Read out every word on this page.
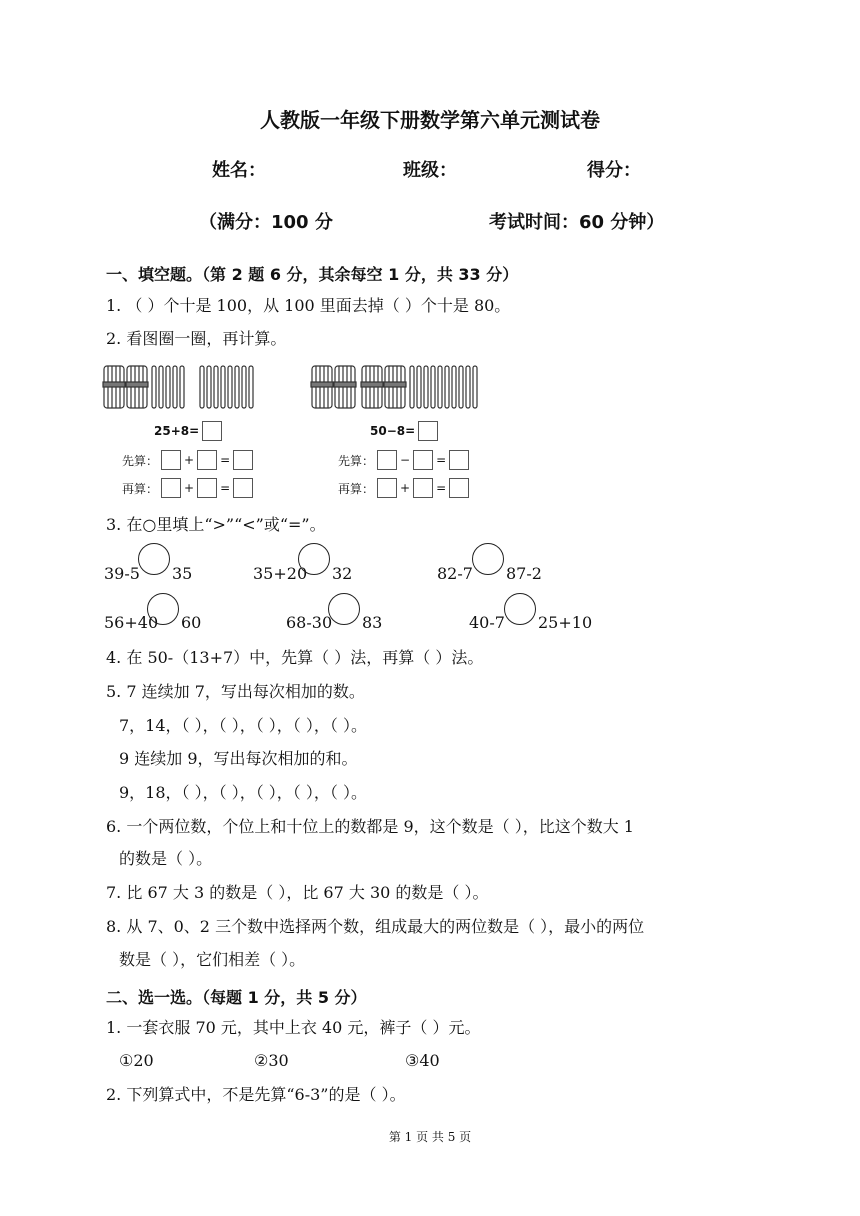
人教版一年级下册数学第六单元测试卷
姓名：	班级：	得分：
（满分：100 分	考试时间：60 分钟）
一、填空题。（第 2 题 6 分，其余每空 1 分，共 33 分）
1. （ ）个十是 100，从 100 里面去掉（ ）个十是 80。
2. 看图圈一圈，再计算。
25+8=
先算： + =
再算： + =
50−8=
先算： − =
再算： + =
3. 在○里填上“>”“<”或“=”。
39-5 35	35+20 32	82-7 87-2
56+40 60	68-30 83	40-7 25+10
4. 在 50-（13+7）中，先算（ ）法，再算（ ）法。
5. 7 连续加 7，写出每次相加的数。
7，14，（ ），（ ），（ ），（ ），（ ）。
9 连续加 9，写出每次相加的和。
9，18，（ ），（ ），（ ），（ ），（ ）。
6. 一个两位数，个位上和十位上的数都是 9，这个数是（ ），比这个数大 1
的数是（ ）。
7. 比 67 大 3 的数是（ ），比 67 大 30 的数是（ ）。
8. 从 7、0、2 三个数中选择两个数，组成最大的两位数是（ ），最小的两位
数是（ ），它们相差（ ）。
二、选一选。（每题 1 分，共 5 分）
1. 一套衣服 70 元，其中上衣 40 元，裤子（ ）元。
①20	②30	③40
2. 下列算式中，不是先算“6-3”的是（ ）。
第 1 页 共 5 页
